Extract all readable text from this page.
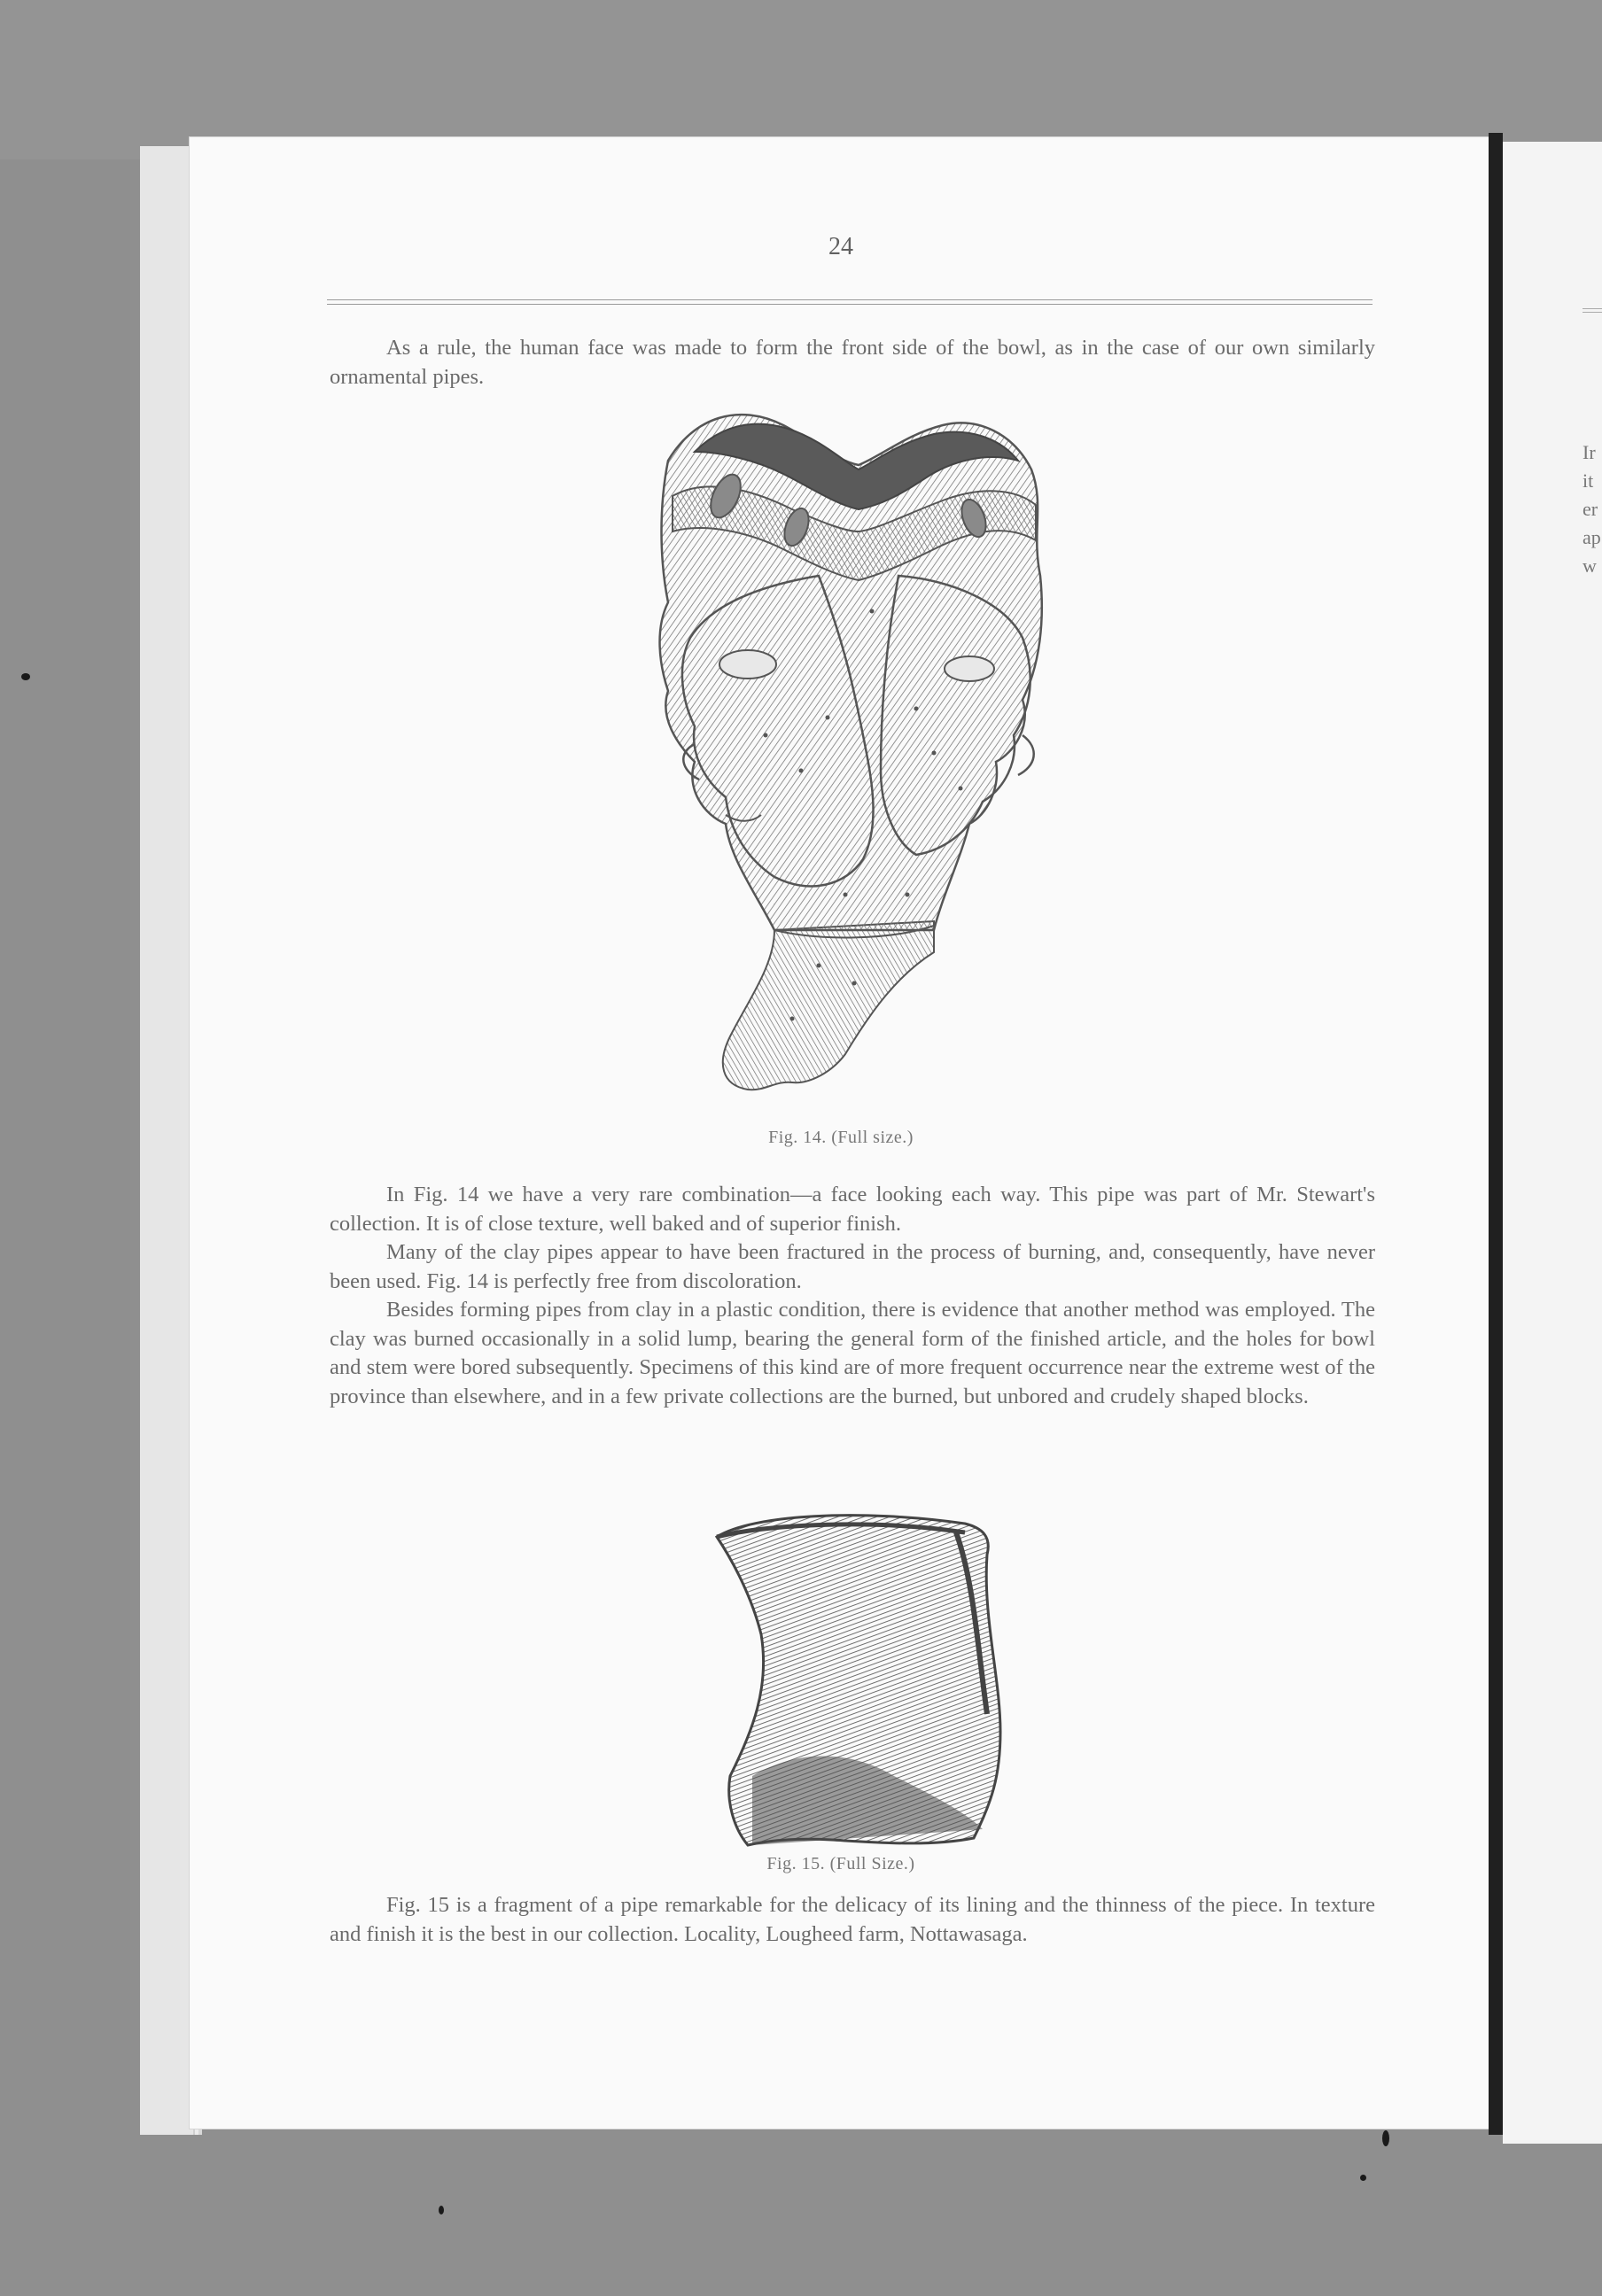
24

As a rule, the human face was made to form the front side of the bowl, as in the case of our own similarly ornamental pipes.

Fig. 14. (Full size.)

In Fig. 14 we have a very rare combination—a face looking each way. This pipe was part of Mr. Stewart's collection. It is of close texture, well baked and of superior finish.

Many of the clay pipes appear to have been fractured in the process of burning, and, consequently, have never been used. Fig. 14 is perfectly free from discoloration.

Besides forming pipes from clay in a plastic condition, there is evidence that another method was employed. The clay was burned occasionally in a solid lump, bearing the general form of the finished article, and the holes for bowl and stem were bored subsequently. Specimens of this kind are of more frequent occurrence near the extreme west of the province than elsewhere, and in a few private collections are the burned, but unbored and crudely shaped blocks.

Fig. 15. (Full Size.)

Fig. 15 is a fragment of a pipe remarkable for the delicacy of its lining and the thinness of the piece. In texture and finish it is the best in our collection. Locality, Lougheed farm, Nottawasaga.

Ir
it
er
ap
w
